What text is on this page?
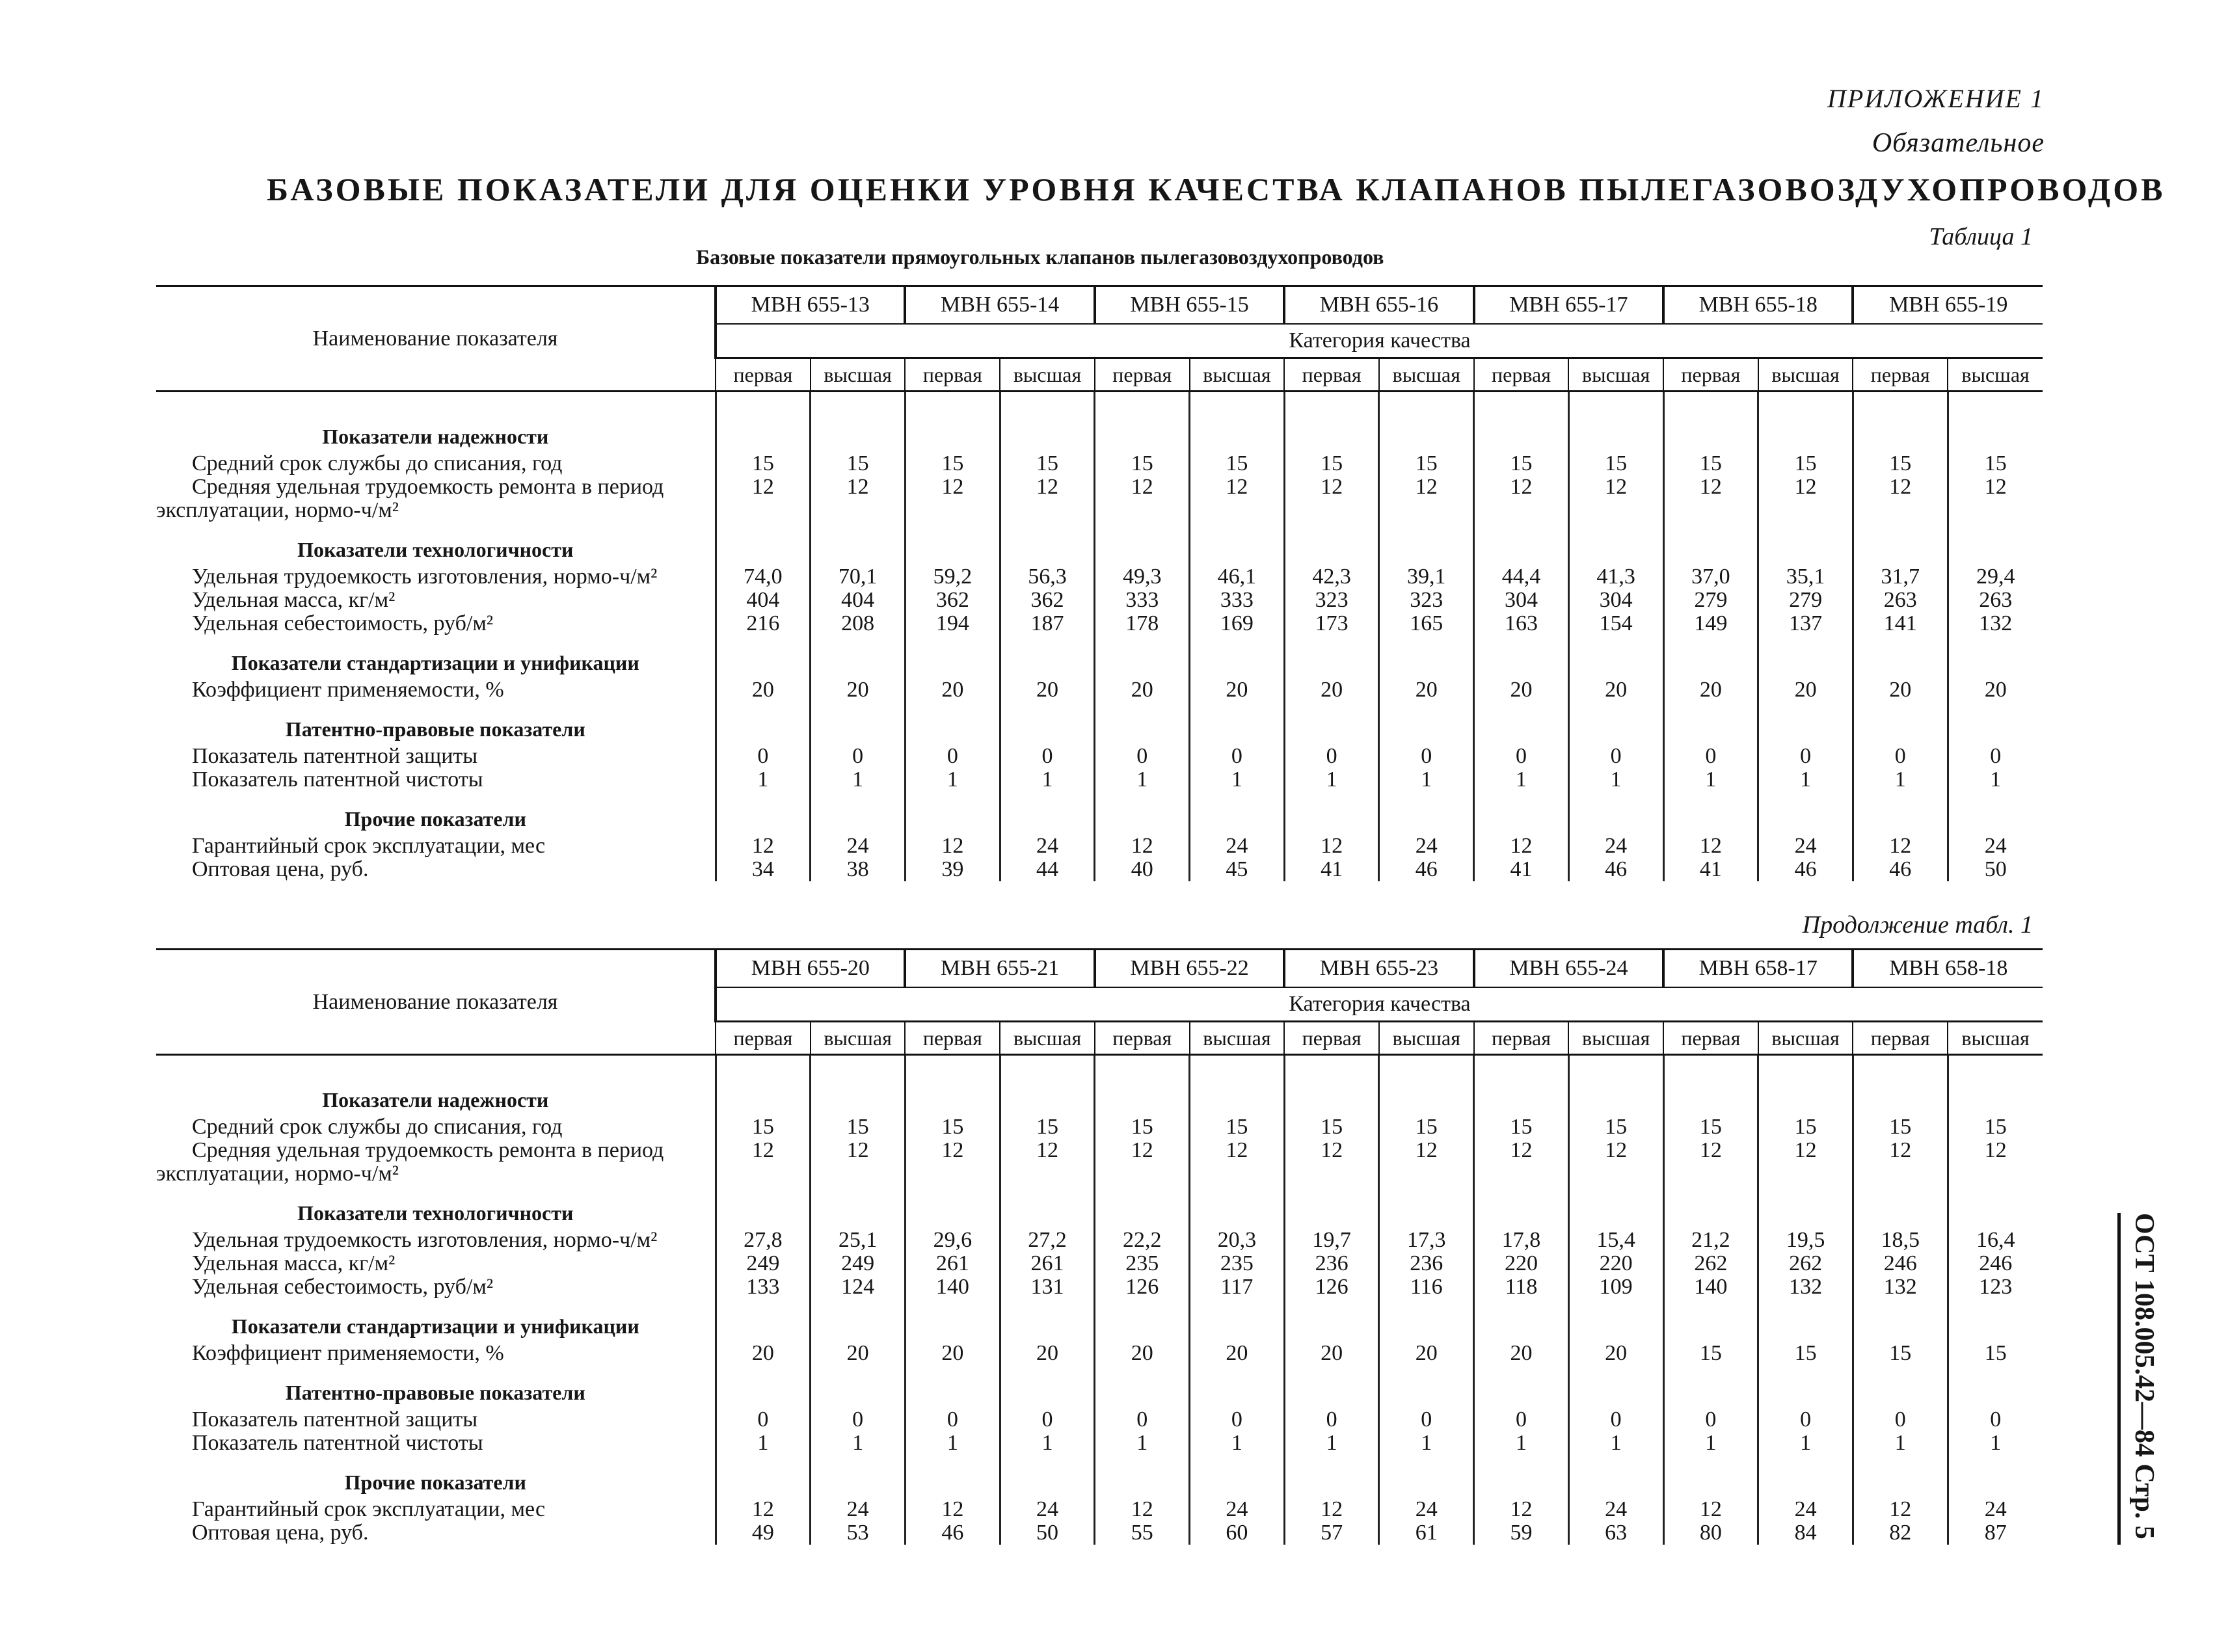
ПРИЛОЖЕНИЕ 1
Обязательное
БАЗОВЫЕ ПОКАЗАТЕЛИ ДЛЯ ОЦЕНКИ УРОВНЯ КАЧЕСТВА КЛАПАНОВ ПЫЛЕГАЗОВОЗДУХОПРОВОДОВ
Таблица 1
Базовые показатели прямоугольных клапанов пылегазовоздухопроводов
Наименование показателя	МВН 655-13		МВН 655-14		МВН 655-15		МВН 655-16		МВН 655-17		МВН 655-18		МВН 655-19	
	Категория качества													
	первая	высшая	первая	высшая	первая	высшая	первая	высшая	первая	высшая	первая	высшая	первая	высшая

Показатели надежности														
Средний срок службы до списания, год	15	15	15	15	15	15	15	15	15	15	15	15	15	15
Средняя удельная трудоемкость ремонта в период эксплуатации, нормо-ч/м²	12	12	12	12	12	12	12	12	12	12	12	12	12	12
Показатели технологичности														
Удельная трудоемкость изготовления, нормо-ч/м²	74,0	70,1	59,2	56,3	49,3	46,1	42,3	39,1	44,4	41,3	37,0	35,1	31,7	29,4
Удельная масса, кг/м²	404	404	362	362	333	333	323	323	304	304	279	279	263	263
Удельная себестоимость, руб/м²	216	208	194	187	178	169	173	165	163	154	149	137	141	132
Показатели стандартизации и унификации														
Коэффициент применяемости, %	20	20	20	20	20	20	20	20	20	20	20	20	20	20
Патентно-правовые показатели														
Показатель патентной защиты	0	0	0	0	0	0	0	0	0	0	0	0	0	0
Показатель патентной чистоты	1	1	1	1	1	1	1	1	1	1	1	1	1	1
Прочие показатели														
Гарантийный срок эксплуатации, мес	12	24	12	24	12	24	12	24	12	24	12	24	12	24
Оптовая цена, руб.	34	38	39	44	40	45	41	46	41	46	41	46	46	50
Продолжение табл. 1
Наименование показателя	МВН 655-20		МВН 655-21		МВН 655-22		МВН 655-23		МВН 655-24		МВН 658-17		МВН 658-18	
	Категория качества													
	первая	высшая	первая	высшая	первая	высшая	первая	высшая	первая	высшая	первая	высшая	первая	высшая

Показатели надежности														
Средний срок службы до списания, год	15	15	15	15	15	15	15	15	15	15	15	15	15	15
Средняя удельная трудоемкость ремонта в период эксплуатации, нормо-ч/м²	12	12	12	12	12	12	12	12	12	12	12	12	12	12
Показатели технологичности														
Удельная трудоемкость изготовления, нормо-ч/м²	27,8	25,1	29,6	27,2	22,2	20,3	19,7	17,3	17,8	15,4	21,2	19,5	18,5	16,4
Удельная масса, кг/м²	249	249	261	261	235	235	236	236	220	220	262	262	246	246
Удельная себестоимость, руб/м²	133	124	140	131	126	117	126	116	118	109	140	132	132	123
Показатели стандартизации и унификации														
Коэффициент применяемости, %	20	20	20	20	20	20	20	20	20	20	15	15	15	15
Патентно-правовые показатели														
Показатель патентной защиты	0	0	0	0	0	0	0	0	0	0	0	0	0	0
Показатель патентной чистоты	1	1	1	1	1	1	1	1	1	1	1	1	1	1
Прочие показатели														
Гарантийный срок эксплуатации, мес	12	24	12	24	12	24	12	24	12	24	12	24	12	24
Оптовая цена, руб.	49	53	46	50	55	60	57	61	59	63	80	84	82	87	ОСТ 108.005.42—84 Стр. 5
